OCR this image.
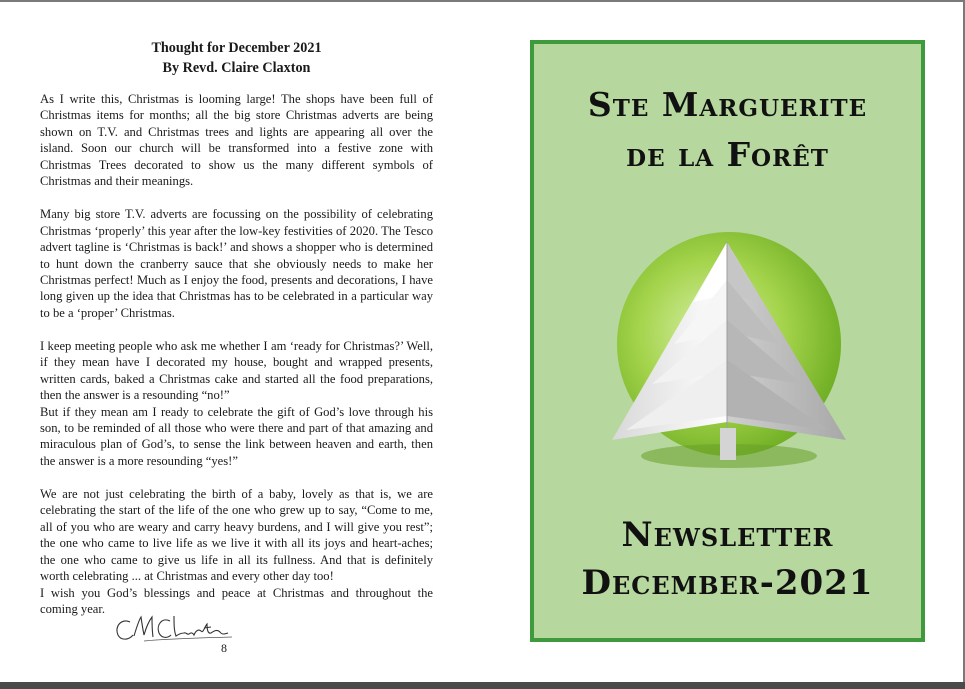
Thought for December 2021
By Revd. Claire Claxton

As I write this, Christmas is looming large! The shops have been full of Christmas items for months; all the big store Christmas adverts are being shown on T.V. and Christmas trees and lights are appearing all over the island. Soon our church will be transformed into a festive zone with Christmas Trees decorated to show us the many different symbols of Christmas and their meanings.

Many big store T.V. adverts are focussing on the possibility of celebrating Christmas ‘properly’ this year after the low-key festivities of 2020. The Tesco advert tagline is ‘Christmas is back!’ and shows a shopper who is determined to hunt down the cranberry sauce that she obviously needs to make her Christmas perfect! Much as I enjoy the food, presents and decorations, I have long given up the idea that Christmas has to be celebrated in a particular way to be a ‘proper’ Christmas.

I keep meeting people who ask me whether I am ‘ready for Christmas?’ Well, if they mean have I decorated my house, bought and wrapped presents, written cards, baked a Christmas cake and started all the food preparations, then the answer is a resounding “no!”

But if they mean am I ready to celebrate the gift of God’s love through his son, to be reminded of all those who were there and part of that amazing and miraculous plan of God’s, to sense the link between heaven and earth, then the answer is a more resounding “yes!”

We are not just celebrating the birth of a baby, lovely as that is, we are celebrating the start of the life of the one who grew up to say, “Come to me, all of you who are weary and carry heavy burdens, and I will give you rest”; the one who came to live life as we live it with all its joys and heart-aches; the one who came to give us life in all its fullness. And that is definitely worth celebrating ... at Christmas and every other day too!

I wish you God’s blessings and peace at Christmas and throughout the coming year.

8
Ste Marguerite
de la Forêt
Newsletter
December-2021
